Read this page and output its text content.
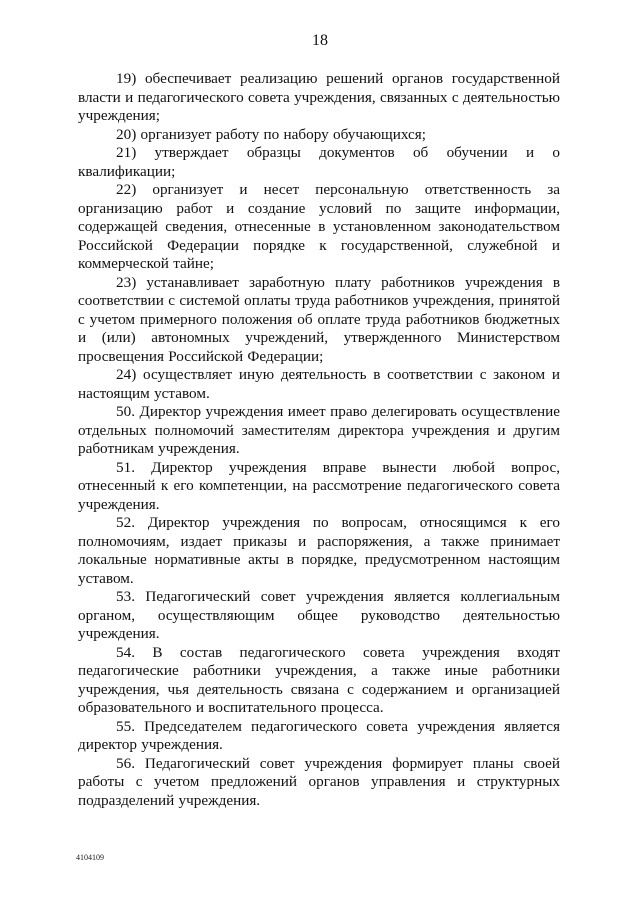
18

19) обеспечивает реализацию решений органов государственной власти и педагогического совета учреждения, связанных с деятельностью учреждения;

20) организует работу по набору обучающихся;

21) утверждает образцы документов об обучении и о квалификации;

22) организует и несет персональную ответственность за организацию работ и создание условий по защите информации, содержащей сведения, отнесенные в установленном законодательством Российской Федерации порядке к государственной, служебной и коммерческой тайне;

23) устанавливает заработную плату работников учреждения в соответствии с системой оплаты труда работников учреждения, принятой с учетом примерного положения об оплате труда работников бюджетных и (или) автономных учреждений, утвержденного Министерством просвещения Российской Федерации;

24) осуществляет иную деятельность в соответствии с законом и настоящим уставом.

50. Директор учреждения имеет право делегировать осуществление отдельных полномочий заместителям директора учреждения и другим работникам учреждения.

51. Директор учреждения вправе вынести любой вопрос, отнесенный к его компетенции, на рассмотрение педагогического совета учреждения.

52. Директор учреждения по вопросам, относящимся к его полномочиям, издает приказы и распоряжения, а также принимает локальные нормативные акты в порядке, предусмотренном настоящим уставом.

53. Педагогический совет учреждения является коллегиальным органом, осуществляющим общее руководство деятельностью учреждения.

54. В состав педагогического совета учреждения входят педагогические работники учреждения, а также иные работники учреждения, чья деятельность связана с содержанием и организацией образовательного и воспитательного процесса.

55. Председателем педагогического совета учреждения является директор учреждения.

56. Педагогический совет учреждения формирует планы своей работы с учетом предложений органов управления и структурных подразделений учреждения.

4104109
